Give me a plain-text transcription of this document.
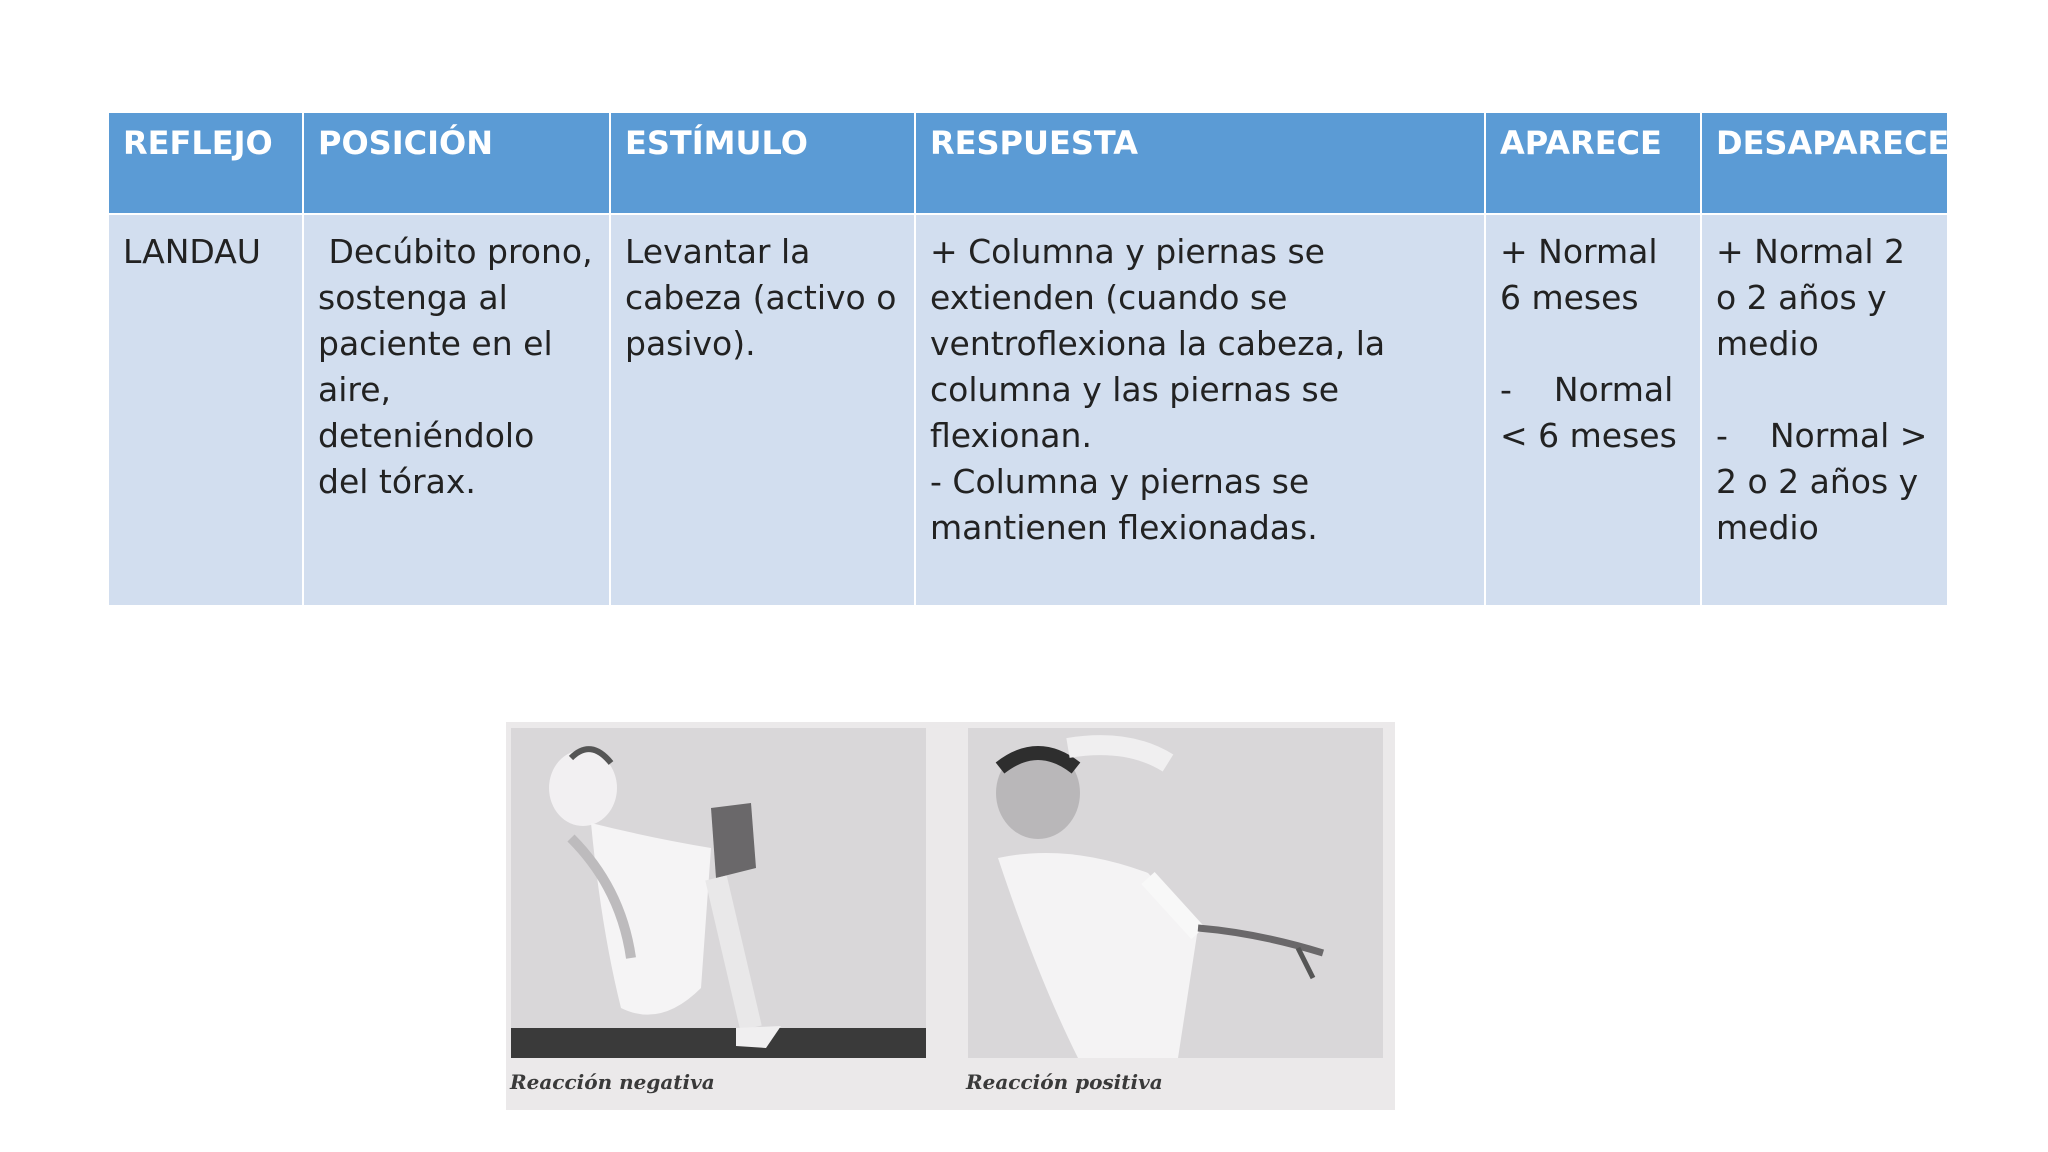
REFLEJO	POSICIÓN	ESTÍMULO	RESPUESTA	APARECE	DESAPARECE
LANDAU	Decúbito prono, sostenga al paciente en el aire, deteniéndolo del tórax.	Levantar la cabeza (activo o pasivo).	+ Columna y piernas se extienden (cuando se ventroflexiona la cabeza, la columna y las piernas se flexionan.
- Columna y piernas se mantienen flexionadas.	+ Normal 6 meses
-    Normal < 6 meses	+ Normal 2 o 2 años y medio
-    Normal > 2 o 2 años y medio
Reacción negativa	Reacción positiva
